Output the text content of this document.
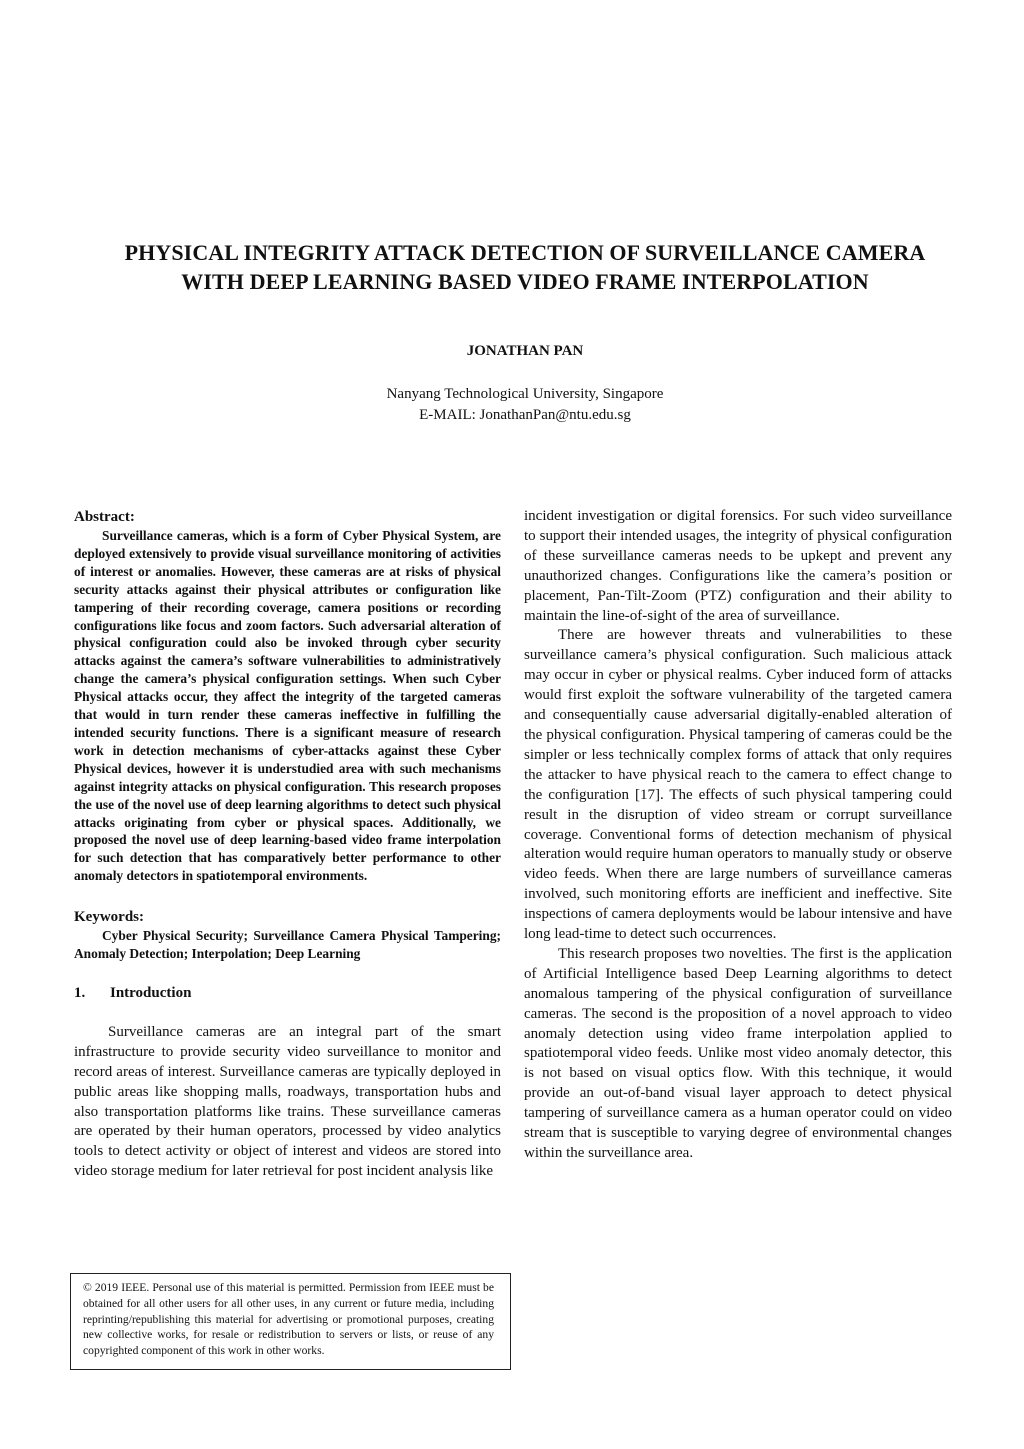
PHYSICAL INTEGRITY ATTACK DETECTION OF SURVEILLANCE CAMERA WITH DEEP LEARNING BASED VIDEO FRAME INTERPOLATION
JONATHAN PAN
Nanyang Technological University, Singapore
E-MAIL: JonathanPan@ntu.edu.sg
Abstract:

Surveillance cameras, which is a form of Cyber Physical System, are deployed extensively to provide visual surveillance monitoring of activities of interest or anomalies. However, these cameras are at risks of physical security attacks against their physical attributes or configuration like tampering of their recording coverage, camera positions or recording configurations like focus and zoom factors. Such adversarial alteration of physical configuration could also be invoked through cyber security attacks against the camera’s software vulnerabilities to administratively change the camera’s physical configuration settings. When such Cyber Physical attacks occur, they affect the integrity of the targeted cameras that would in turn render these cameras ineffective in fulfilling the intended security functions. There is a significant measure of research work in detection mechanisms of cyber-attacks against these Cyber Physical devices, however it is understudied area with such mechanisms against integrity attacks on physical configuration. This research proposes the use of the novel use of deep learning algorithms to detect such physical attacks originating from cyber or physical spaces. Additionally, we proposed the novel use of deep learning-based video frame interpolation for such detection that has comparatively better performance to other anomaly detectors in spatiotemporal environments.

Keywords:

Cyber Physical Security; Surveillance Camera Physical Tampering; Anomaly Detection; Interpolation; Deep Learning

1.	Introduction

Surveillance cameras are an integral part of the smart infrastructure to provide security video surveillance to monitor and record areas of interest. Surveillance cameras are typically deployed in public areas like shopping malls, roadways, transportation hubs and also transportation platforms like trains. These surveillance cameras are operated by their human operators, processed by video analytics tools to detect activity or object of interest and videos are stored into video storage medium for later retrieval for post incident analysis like

incident investigation or digital forensics. For such video surveillance to support their intended usages, the integrity of physical configuration of these surveillance cameras needs to be upkept and prevent any unauthorized changes. Configurations like the camera’s position or placement, Pan-Tilt-Zoom (PTZ) configuration and their ability to maintain the line-of-sight of the area of surveillance.

There are however threats and vulnerabilities to these surveillance camera’s physical configuration. Such malicious attack may occur in cyber or physical realms. Cyber induced form of attacks would first exploit the software vulnerability of the targeted camera and consequentially cause adversarial digitally-enabled alteration of the physical configuration. Physical tampering of cameras could be the simpler or less technically complex forms of attack that only requires the attacker to have physical reach to the camera to effect change to the configuration [17]. The effects of such physical tampering could result in the disruption of video stream or corrupt surveillance coverage. Conventional forms of detection mechanism of physical alteration would require human operators to manually study or observe video feeds. When there are large numbers of surveillance cameras involved, such monitoring efforts are inefficient and ineffective. Site inspections of camera deployments would be labour intensive and have long lead-time to detect such occurrences.

This research proposes two novelties. The first is the application of Artificial Intelligence based Deep Learning algorithms to detect anomalous tampering of the physical configuration of surveillance cameras. The second is the proposition of a novel approach to video anomaly detection using video frame interpolation applied to spatiotemporal video feeds. Unlike most video anomaly detector, this is not based on visual optics flow. With this technique, it would provide an out-of-band visual layer approach to detect physical tampering of surveillance camera as a human operator could on video stream that is susceptible to varying degree of environmental changes within the surveillance area.

© 2019 IEEE. Personal use of this material is permitted. Permission from IEEE must be obtained for all other users for all other uses, in any current or future media, including reprinting/republishing this material for advertising or promotional purposes, creating new collective works, for resale or redistribution to servers or lists, or reuse of any copyrighted component of this work in other works.
